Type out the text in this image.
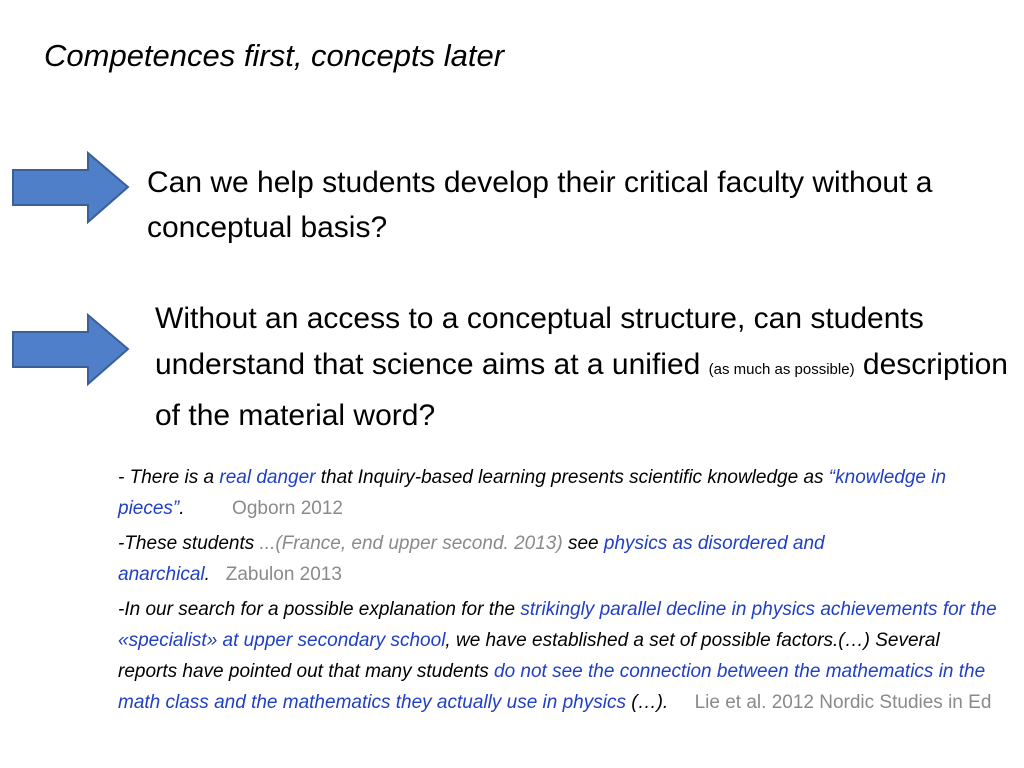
Competences first, concepts later
Can we help students develop their critical faculty without a conceptual basis?
Without an access to a conceptual structure, can students understand that science aims at a unified (as much as possible) description of the material word?

- There is a real danger that Inquiry-based learning presents scientific knowledge as “knowledge in pieces”.	Ogborn 2012

-These students ...(France, end upper second. 2013) see physics as disordered and anarchical. Zabulon 2013

-In our search for a possible explanation for the strikingly parallel decline in physics achievements for the «specialist» at upper secondary school, we have established a set of possible factors.(…) Several reports have pointed out that many students do not see the connection between the mathematics in the math class and the mathematics they actually use in physics (…). Lie et al. 2012 Nordic Studies in Ed
